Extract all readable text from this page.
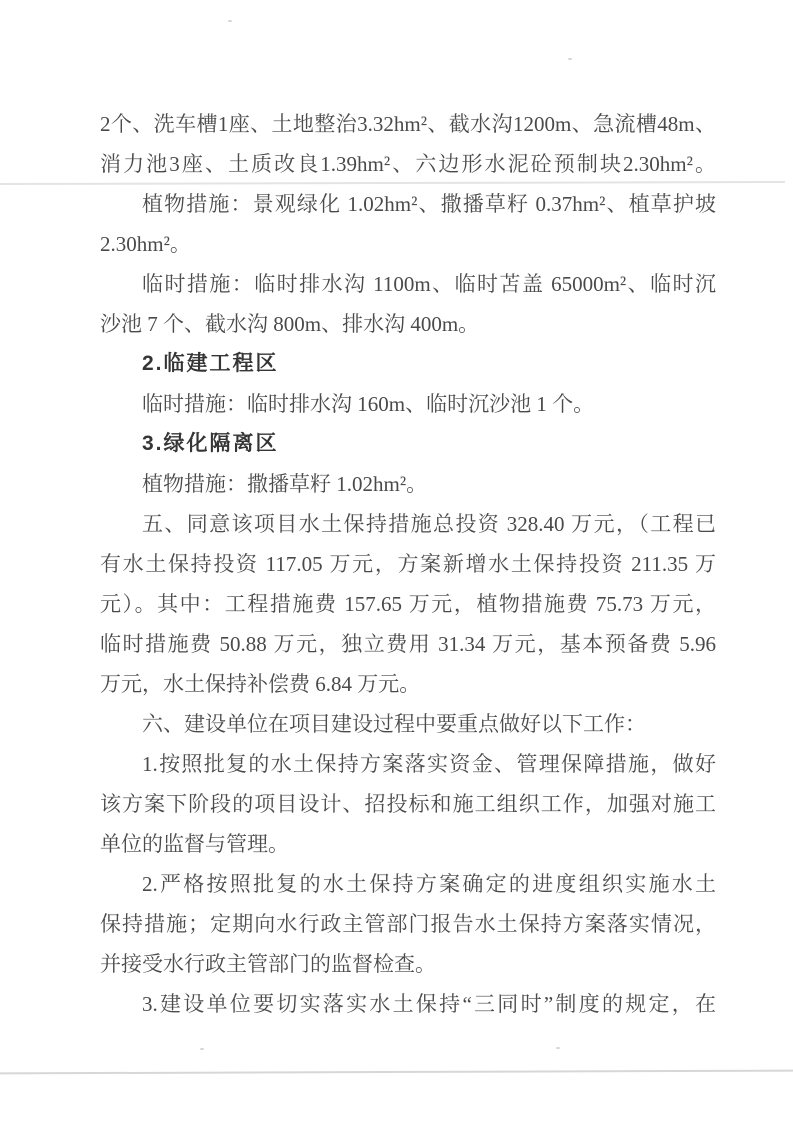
2个、洗车槽1座、土地整治3.32hm²、截水沟1200m、急流槽48m、
消力池3座、土质改良1.39hm²、六边形水泥砼预制块2.30hm²。
植物措施：景观绿化 1.02hm²、撒播草籽 0.37hm²、植草护坡
2.30hm²。
临时措施：临时排水沟 1100m、临时苫盖 65000m²、临时沉
沙池 7 个、截水沟 800m、排水沟 400m。
2.临建工程区
临时措施：临时排水沟 160m、临时沉沙池 1 个。
3.绿化隔离区
植物措施：撒播草籽 1.02hm²。
五、同意该项目水土保持措施总投资 328.40 万元，（工程已
有水土保持投资 117.05 万元，方案新增水土保持投资 211.35 万
元）。其中：工程措施费 157.65 万元，植物措施费 75.73 万元，
临时措施费 50.88 万元，独立费用 31.34 万元，基本预备费 5.96
万元，水土保持补偿费 6.84 万元。
六、建设单位在项目建设过程中要重点做好以下工作：
1.按照批复的水土保持方案落实资金、管理保障措施，做好
该方案下阶段的项目设计、招投标和施工组织工作，加强对施工
单位的监督与管理。
2.严格按照批复的水土保持方案确定的进度组织实施水土
保持措施；定期向水行政主管部门报告水土保持方案落实情况，
并接受水行政主管部门的监督检查。
3.建设单位要切实落实水土保持“三同时”制度的规定，在
